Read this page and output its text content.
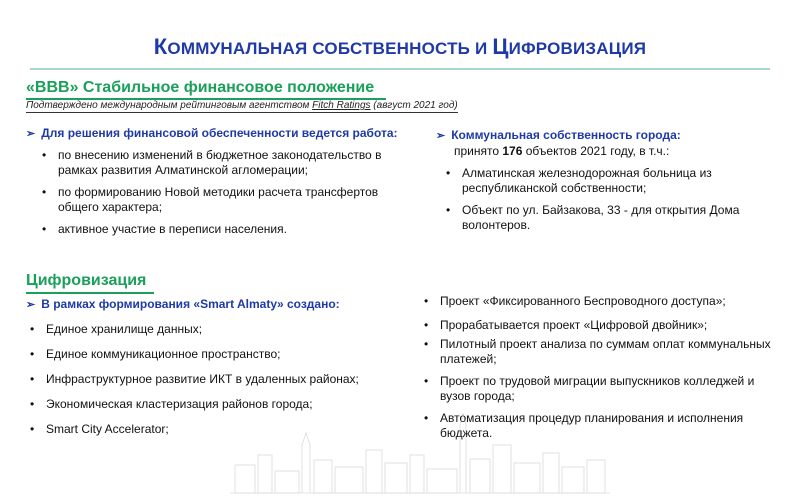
КОММУНАЛЬНАЯ СОБСТВЕННОСТЬ И ЦИФРОВИЗАЦИЯ
«ВВВ» Стабильное финансовое положение
Подтверждено международным рейтинговым агентством Fitch Ratings (август 2021 год)
➢ Для решения финансовой обеспеченности ведется работа:
• по внесению изменений в бюджетное законодательство в рамках развития Алматинской агломерации;
• по формированию Новой методики расчета трансфертов общего характера;
• активное участие в переписи населения.
➢ Коммунальная собственность города:
принято 176 объектов 2021 году, в т.ч.:
• Алматинская железнодорожная больница из республиканской собственности;
• Объект по ул. Байзакова, 33 - для открытия Дома волонтеров.
Цифровизация
➢ В рамках формирования «Smart Almaty» создано:
• Единое хранилище данных;
• Единое коммуникационное пространство;
• Инфраструктурное развитие ИКТ в удаленных районах;
• Экономическая кластеризация районов города;
• Smart City Accelerator;
• Проект «Фиксированного Беспроводного доступа»;
• Прорабатывается проект «Цифровой двойник»;
• Пилотный проект анализа по суммам оплат коммунальных платежей;
• Проект по трудовой миграции выпускников колледжей и вузов города;
• Автоматизация процедур планирования и исполнения бюджета.
